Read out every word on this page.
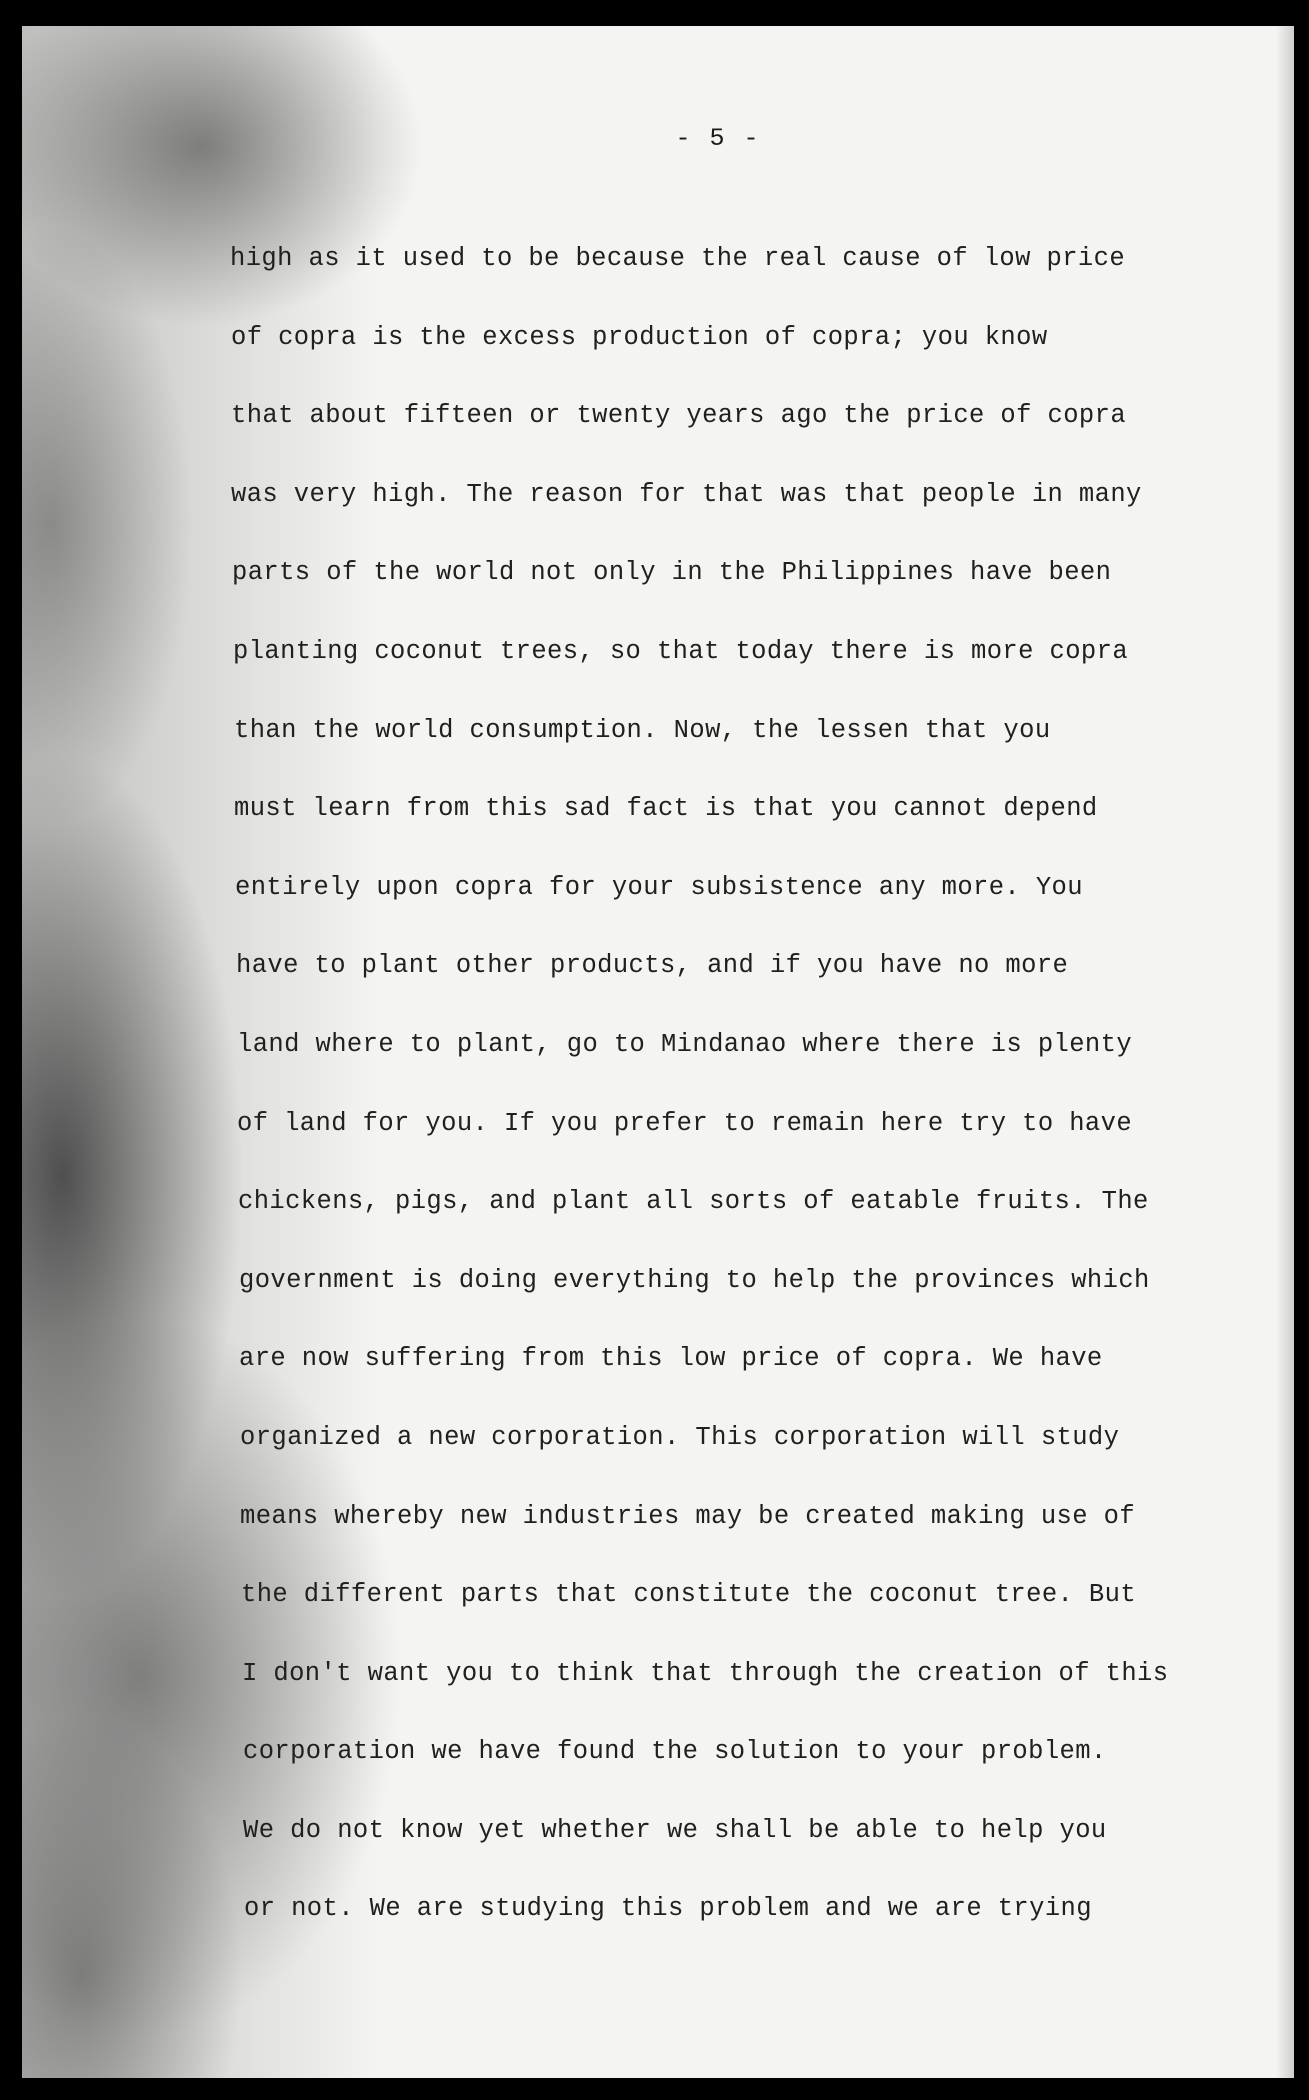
- 5 -
high as it used to be because the real cause of low price
of copra is the excess production of copra; you know
that about fifteen or twenty years ago the price of copra
was very high. The reason for that was that people in many
parts of the world not only in the Philippines have been
planting coconut trees, so that today there is more copra
than the world consumption. Now, the lessen that you
must learn from this sad fact is that you cannot depend
entirely upon copra for your subsistence any more. You
have to plant other products, and if you have no more
land where to plant, go to Mindanao where there is plenty
of land for you. If you prefer to remain here try to have
chickens, pigs, and plant all sorts of eatable fruits. The
government is doing everything to help the provinces which
are now suffering from this low price of copra. We have
organized a new corporation. This corporation will study
means whereby new industries may be created making use of
the different parts that constitute the coconut tree. But
I don't want you to think that through the creation of this
corporation we have found the solution to your problem.
We do not know yet whether we shall be able to help you
or not. We are studying this problem and we are trying
